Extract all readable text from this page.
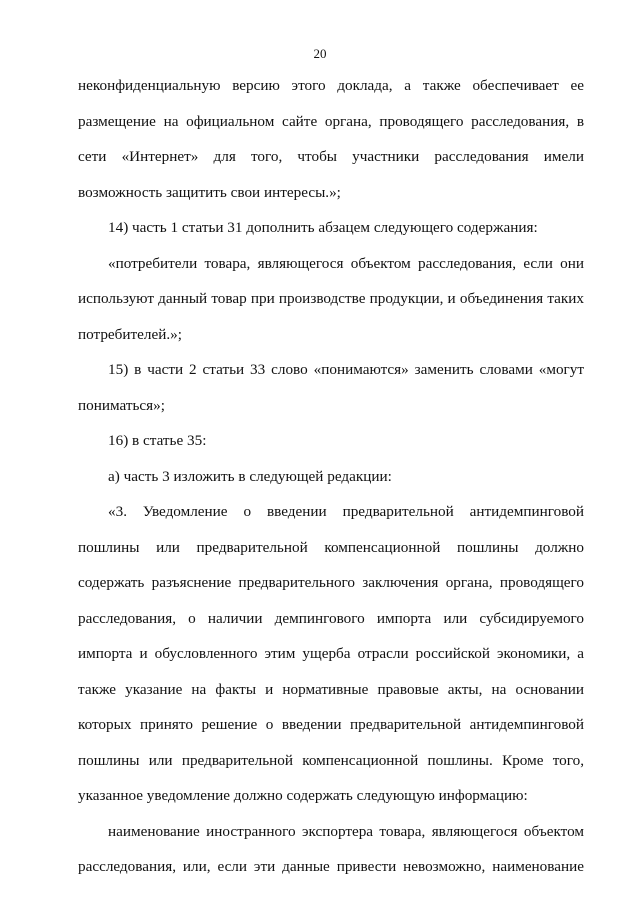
20
неконфиденциальную версию этого доклада, а также обеспечивает ее
размещение на официальном сайте органа, проводящего расследования, в
сети «Интернет» для того, чтобы участники расследования имели
возможность защитить свои интересы.»;
14) часть 1 статьи 31 дополнить абзацем следующего содержания:
«потребители товара, являющегося объектом расследования, если они
используют данный товар при производстве продукции, и объединения таких
потребителей.»;
15) в части 2 статьи 33 слово «понимаются» заменить словами «могут
пониматься»;
16) в статье 35:
а) часть 3 изложить в следующей редакции:
«3. Уведомление о введении предварительной антидемпинговой
пошлины или предварительной компенсационной пошлины должно
содержать разъяснение предварительного заключения органа, проводящего
расследования, о наличии демпингового импорта или субсидируемого
импорта и обусловленного этим ущерба отрасли российской экономики, а
также указание на факты и нормативные правовые акты, на основании
которых принято решение о введении предварительной антидемпинговой
пошлины или предварительной компенсационной пошлины. Кроме того,
указанное уведомление должно содержать следующую информацию:
наименование иностранного экспортера товара, являющегося объектом
расследования, или, если эти данные привести невозможно, наименование
